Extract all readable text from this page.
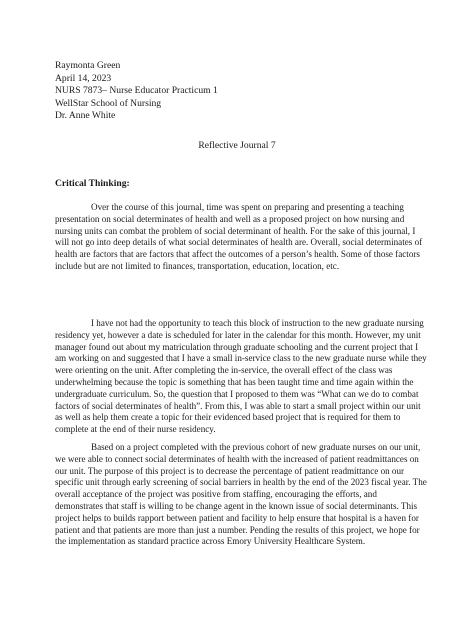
Raymonta Green
April 14, 2023
NURS 7873– Nurse Educator Practicum 1
WellStar School of Nursing
Dr. Anne White
Reflective Journal 7
Critical Thinking:

Over the course of this journal, time was spent on preparing and presenting a teaching presentation on social determinates of health and well as a proposed project on how nursing and nursing units can combat the problem of social determinant of health. For the sake of this journal, I will not go into deep details of what social determinates of health are. Overall, social determinates of health are factors that are factors that affect the outcomes of a person’s health. Some of those factors include but are not limited to finances, transportation, education, location, etc.

I have not had the opportunity to teach this block of instruction to the new graduate nursing residency yet, however a date is scheduled for later in the calendar for this month. However, my unit manager found out about my matriculation through graduate schooling and the current project that I am working on and suggested that I have a small in-service class to the new graduate nurse while they were orienting on the unit. After completing the in-service, the overall effect of the class was underwhelming because the topic is something that has been taught time and time again within the undergraduate curriculum. So, the question that I proposed to them was “What can we do to combat factors of social determinates of health”. From this, I was able to start a small project within our unit as well as help them create a topic for their evidenced based project that is required for them to complete at the end of their nurse residency.

Based on a project completed with the previous cohort of new graduate nurses on our unit, we were able to connect social determinates of health with the increased of patient readmittances on our unit. The purpose of this project is to decrease the percentage of patient readmittance on our specific unit through early screening of social barriers in health by the end of the 2023 fiscal year. The overall acceptance of the project was positive from staffing, encouraging the efforts, and demonstrates that staff is willing to be change agent in the known issue of social determinants. This project helps to builds rapport between patient and facility to help ensure that hospital is a haven for patient and that patients are more than just a number. Pending the results of this project, we hope for the implementation as standard practice across Emory University Healthcare System.
